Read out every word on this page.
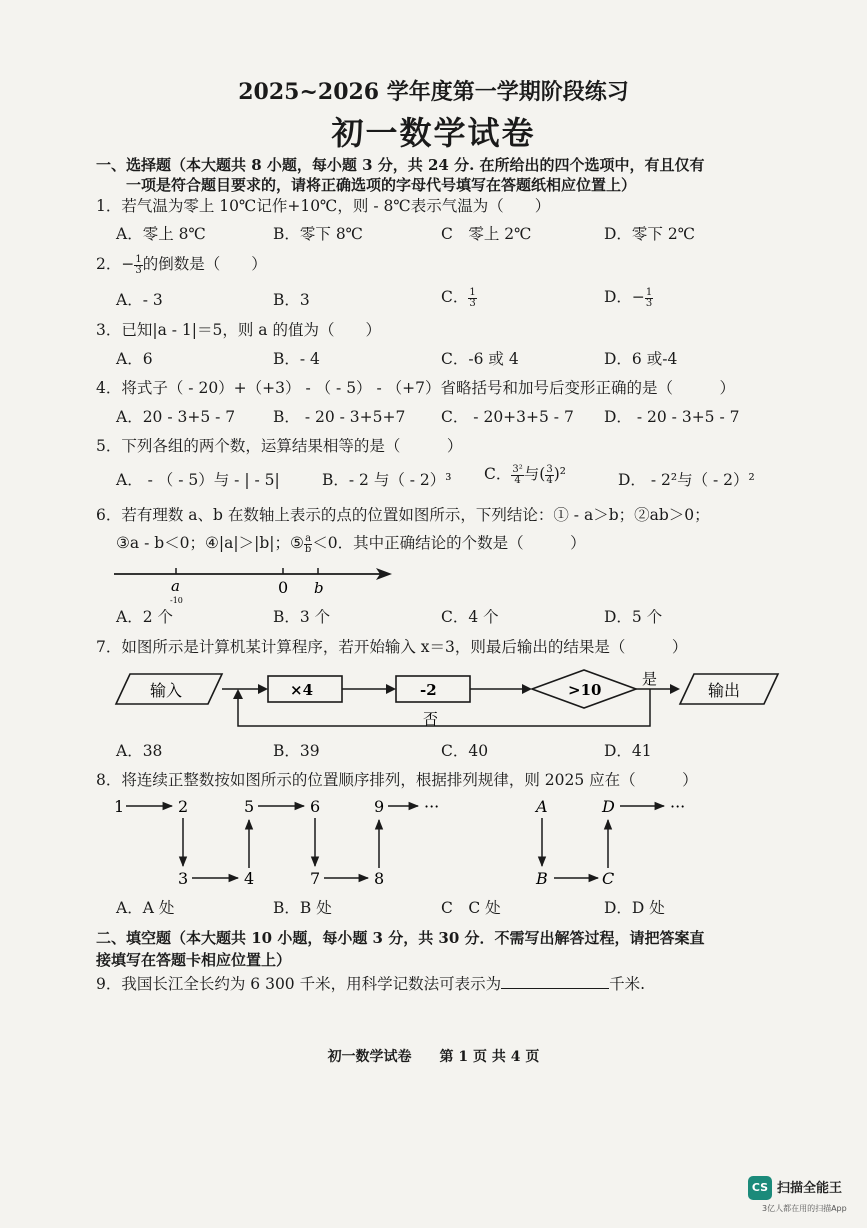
2025~2026 学年度第一学期阶段练习
初一数学试卷
一、选择题（本大题共 8 小题，每小题 3 分，共 24 分. 在所给出的四个选项中，有且仅有
一项是符合题目要求的，请将正确选项的字母代号填写在答题纸相应位置上）
1．若气温为零上 10℃记作+10℃，则 - 8℃表示气温为（　　）
A．零上 8℃	B．零下 8℃	C　零上 2℃	D．零下 2℃
2．− $\frac{1}{3}$ 的倒数是（　　）
A．- 3	B．3	C． $\frac{1}{3}$	D．− $\frac{1}{3}$
3．已知|a - 1|＝5，则 a 的值为（　　）
A．6	B．- 4	C．-6 或 4	D．6 或-4
4．将式子（ - 20）+（+3） - （ - 5） - （+7）省略括号和加号后变形正确的是（　　　）
A．20 - 3+5 - 7 B． - 20 - 3+5+7 C． - 20+3+5 - 7 D． - 20 - 3+5 - 7
5．下列各组的两个数，运算结果相等的是（　　　）
A． - （ - 5）与 - | - 5|	B．- 2 与（ - 2）³ C． $\frac{\text{3²}}{4}$ 与( $\frac{3}{4} )^2$	D． - 2²与（ - 2）²
6．若有理数 a、b 在数轴上表示的点的位置如图所示，下列结论：① - a＞b；②ab＞0；
③a - b＜0；④|a|＞|b|；⑤ $\frac{a}{b} <0$．其中正确结论的个数是（　　　）
a
-10
0 b
A．2 个	B．3 个	C．4 个	D．5 个
7．如图所示是计算机某计算程序，若开始输入 x＝3，则最后输出的结果是（　　　）
输入	×4	-2	>10
是
输出
否
A．38	B．39	C．40	D．41
8．将连续正整数按如图所示的位置顺序排列，根据排列规律，则 2025 应在（　　　）
1	2	5	6	9 ···	A	D	···
3	4	7	8	B	C
A．A 处	B．B 处	C　C 处	D．D 处
二、填空题（本大题共 10 小题，每小题 3 分，共 30 分．不需写出解答过程，请把答案直
接填写在答题卡相应位置上）
9．我国长江全长约为 6 300 千米，用科学记数法可表示为	千米.
初一数学试卷　　第 1 页 共 4 页
CS 扫描全能王
3亿人都在用的扫描App
